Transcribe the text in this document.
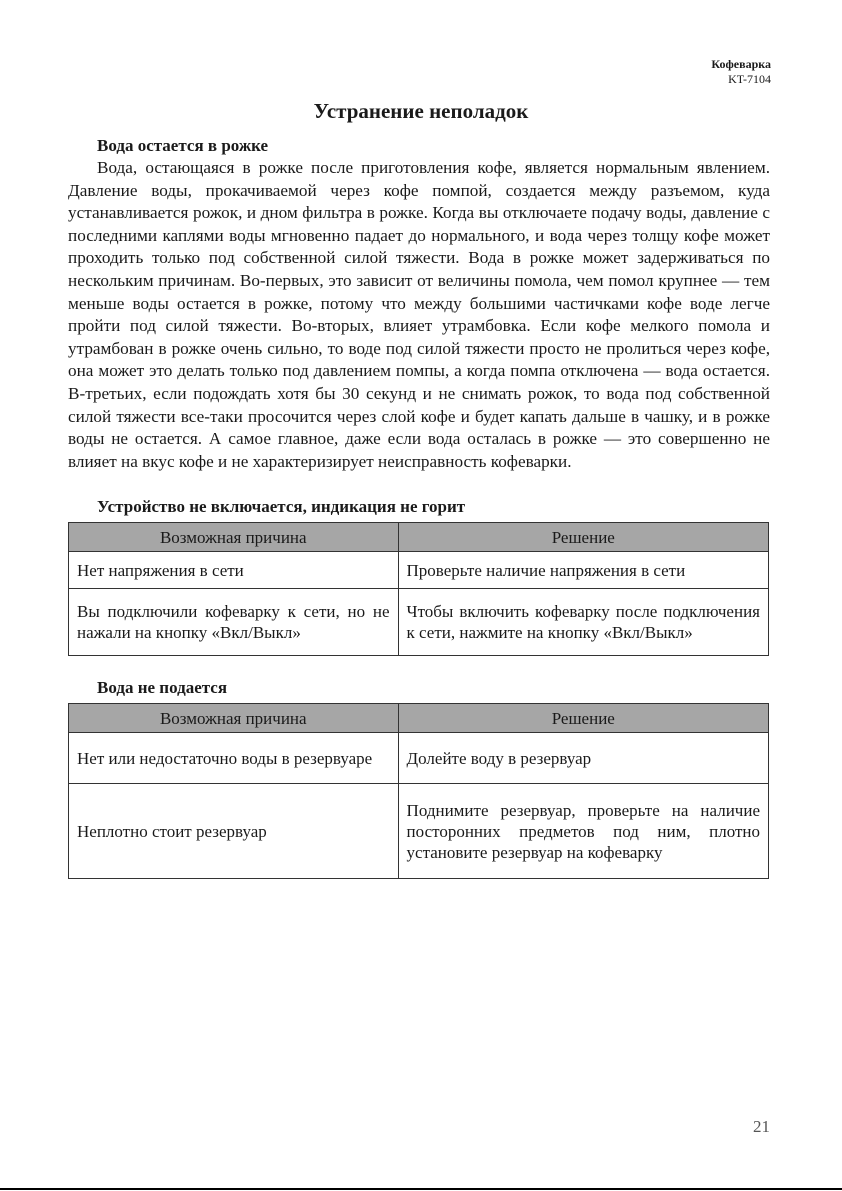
Кофеварка
KT-7104
Устранение неполадок
Вода остается в рожке

Вода, остающаяся в рожке после приготовления кофе, является нормальным явлением. Давление воды, прокачиваемой через кофе помпой, создается между разъемом, куда устанавливается рожок, и дном фильтра в рожке. Когда вы отключаете подачу воды, давление с последними каплями воды мгновенно падает до нормального, и вода через толщу кофе может проходить только под собственной силой тяжести. Вода в рожке может задерживаться по нескольким причинам. Во-первых, это зависит от величины помола, чем помол крупнее — тем меньше воды остается в рожке, потому что между большими частичками кофе воде легче пройти под силой тяжести. Во-вторых, влияет утрамбовка. Если кофе мелкого помола и утрамбован в рожке очень сильно, то воде под силой тяжести просто не пролиться через кофе, она может это делать только под давлением помпы, а когда помпа отключена — вода остается. В-третьих, если подождать хотя бы 30 секунд и не снимать рожок, то вода под собственной силой тяжести все-таки просочится через слой кофе и будет капать дальше в чашку, и в рожке воды не остается. А самое главное, даже если вода осталась в рожке — это совершенно не влияет на вкус кофе и не характеризирует неисправность кофеварки.

Устройство не включается, индикация не горит
Возможная причина	Решение
Нет напряжения в сети	Проверьте наличие напряжения в сети
Вы подключили кофеварку к сети, но не нажали на кнопку «Вкл/Выкл»	Чтобы включить кофеварку после подключения к сети, нажмите на кнопку «Вкл/Выкл»
Вода не подается
Возможная причина	Решение
Нет или недостаточно воды в резервуаре	Долейте воду в резервуар
Неплотно стоит резервуар	Поднимите резервуар, проверьте на наличие посторонних предметов под ним, плотно установите резервуар на кофеварку
21
